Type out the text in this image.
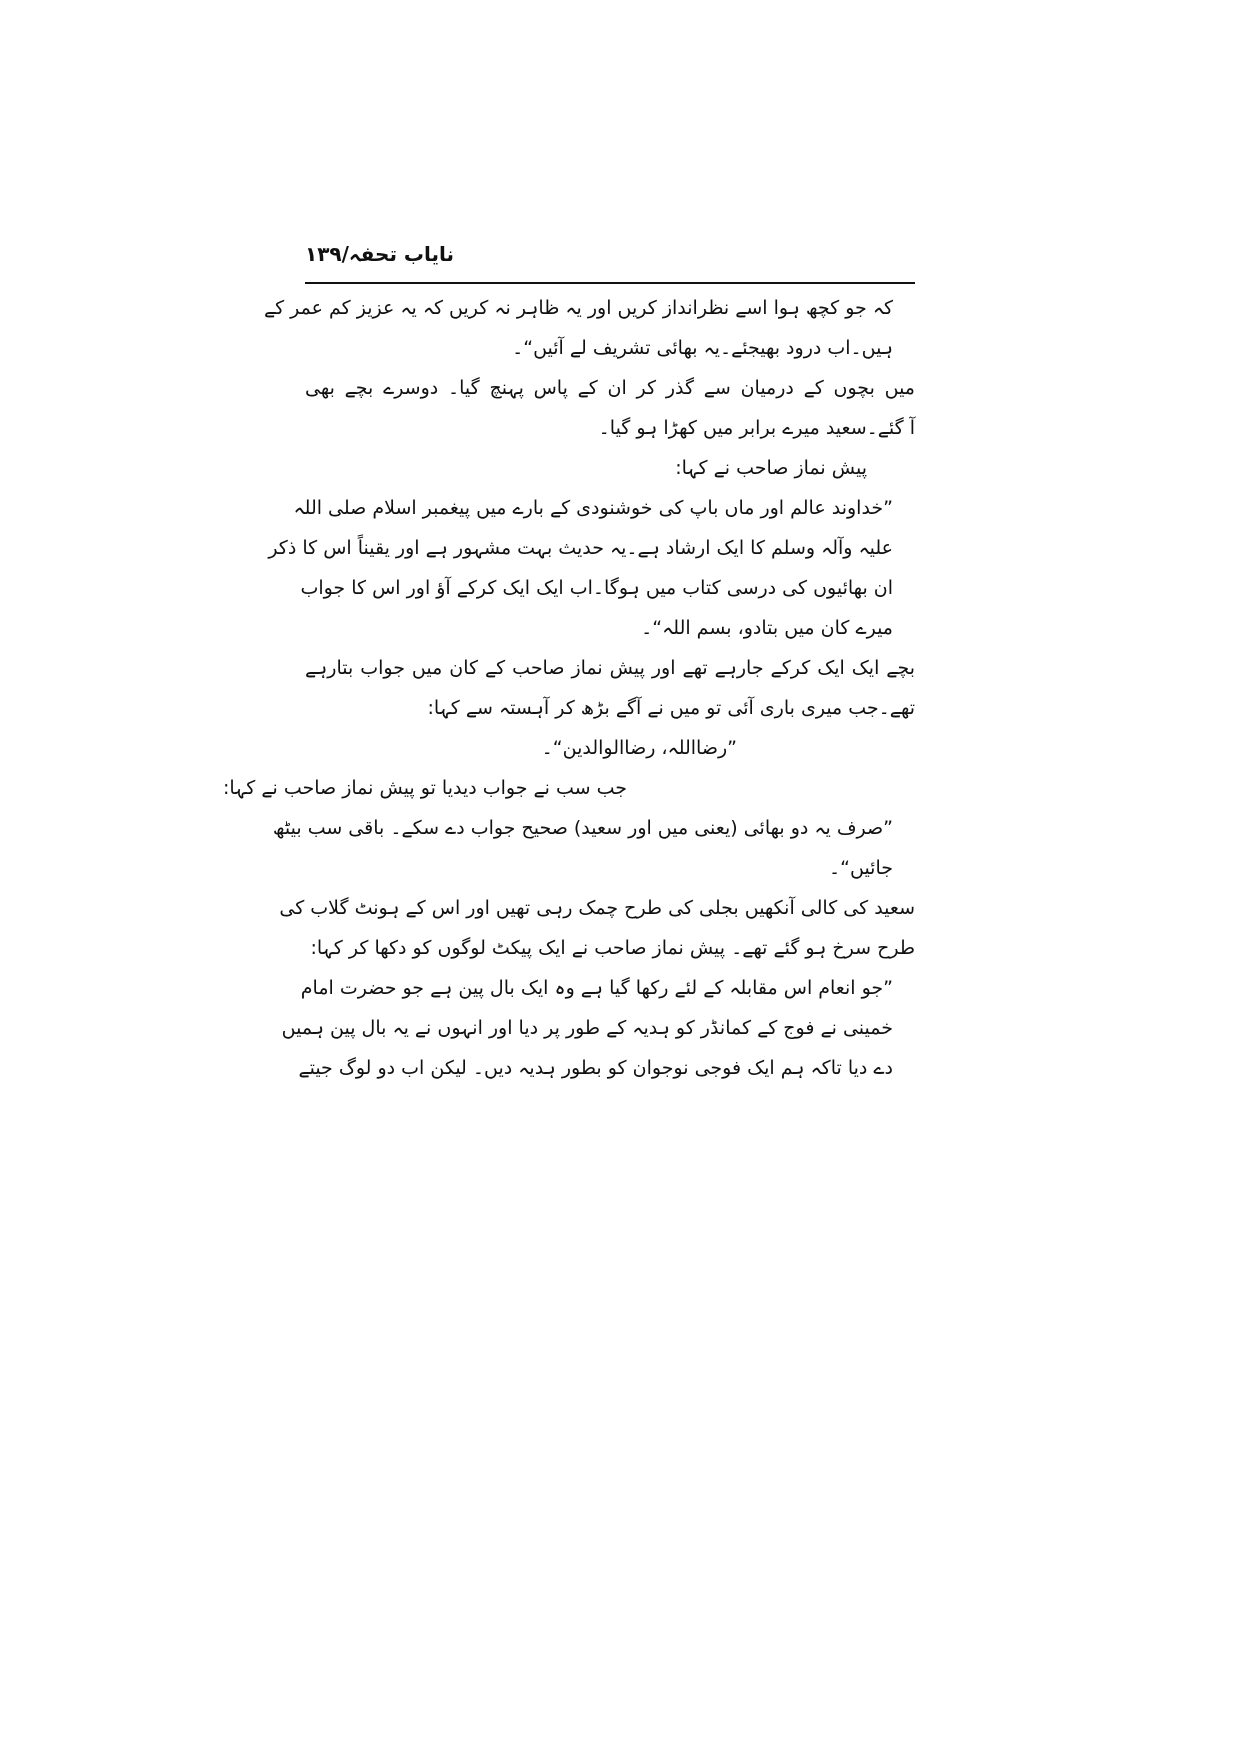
نایاب تحفہ/۱۳۹
کہ جو کچھ ہوا اسے نظرانداز کریں اور یہ ظاہر نہ کریں کہ یہ عزیز کم عمر کے
ہیں۔اب درود بھیجئے۔یہ بھائی تشریف لے آئیں“۔
میں بچوں کے درمیان سے گذر کر ان کے پاس پہنچ گیا۔ دوسرے بچے بھی
آ گئے۔سعید میرے برابر میں کھڑا ہو گیا۔
پیش نماز صاحب نے کہا:
”خداوند عالم اور ماں باپ کی خوشنودی کے بارے میں پیغمبر اسلام صلی اللہ
علیہ وآلہ وسلم کا ایک ارشاد ہے۔یہ حدیث بہت مشہور ہے اور یقیناً اس کا ذکر
ان بھائیوں کی درسی کتاب میں ہوگا۔اب ایک ایک کرکے آؤ اور اس کا جواب
میرے کان میں بتادو، بسم اللہ“۔
بچے ایک ایک کرکے جارہے تھے اور پیش نماز صاحب کے کان میں جواب بتارہے
تھے۔جب میری باری آئی تو میں نے آگے بڑھ کر آہستہ سے کہا:
”رضااللہ، رضاالوالدین“۔
جب سب نے جواب دیدیا تو پیش نماز صاحب نے کہا:
”صرف یہ دو بھائی (یعنی میں اور سعید) صحیح جواب دے سکے۔ باقی سب بیٹھ
جائیں“۔
سعید کی کالی آنکھیں بجلی کی طرح چمک رہی تھیں اور اس کے ہونٹ گلاب کی
طرح سرخ ہو گئے تھے۔ پیش نماز صاحب نے ایک پیکٹ لوگوں کو دکھا کر کہا:
”جو انعام اس مقابلہ کے لئے رکھا گیا ہے وہ ایک بال پین ہے جو حضرت امام
خمینی نے فوج کے کمانڈر کو ہدیہ کے طور پر دیا اور انہوں نے یہ بال پین ہمیں
دے دیا تاکہ ہم ایک فوجی نوجوان کو بطور ہدیہ دیں۔ لیکن اب دو لوگ جیتے
